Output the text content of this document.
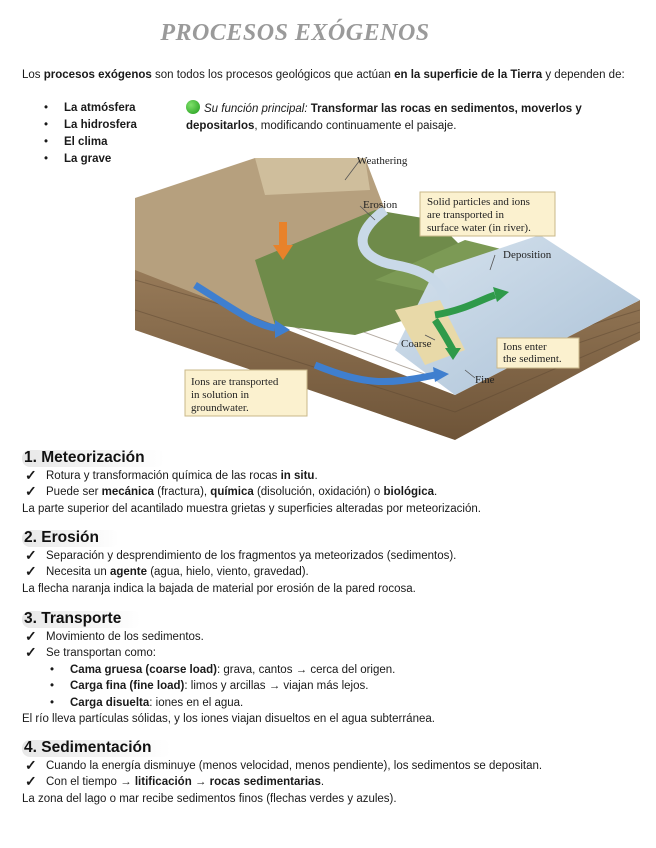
PROCESOS EXÓGENOS
Los procesos exógenos son todos los procesos geológicos que actúan en la superficie de la Tierra y dependen de:
• La atmósfera
• La hidrosfera
• El clima
• La grave
Su función principal: Transformar las rocas en sedimentos, moverlos y depositarlos, modificando continuamente el paisaje.
Weathering
Erosion	Solid particles and ions
are transported in
surface water (in river).
Deposition
Coarse
Fine
Ions enter
the sediment.
Ions are transported
in solution in
groundwater.
1. Meteorización
✓ Rotura y transformación química de las rocas in situ.
✓ Puede ser mecánica (fractura), química (disolución, oxidación) o biológica.
La parte superior del acantilado muestra grietas y superficies alteradas por meteorización.
2. Erosión
✓ Separación y desprendimiento de los fragmentos ya meteorizados (sedimentos).
✓ Necesita un agente (agua, hielo, viento, gravedad).
La flecha naranja indica la bajada de material por erosión de la pared rocosa.
3. Transporte
✓ Movimiento de los sedimentos.
✓ Se transportan como:
• Cama gruesa (coarse load): grava, cantos → cerca del origen.
• Carga fina (fine load): limos y arcillas → viajan más lejos.
• Carga disuelta: iones en el agua.
El río lleva partículas sólidas, y los iones viajan disueltos en el agua subterránea.
4. Sedimentación
✓ Cuando la energía disminuye (menos velocidad, menos pendiente), los sedimentos se depositan.
✓ Con el tiempo → litificación → rocas sedimentarias.
La zona del lago o mar recibe sedimentos finos (flechas verdes y azules).
